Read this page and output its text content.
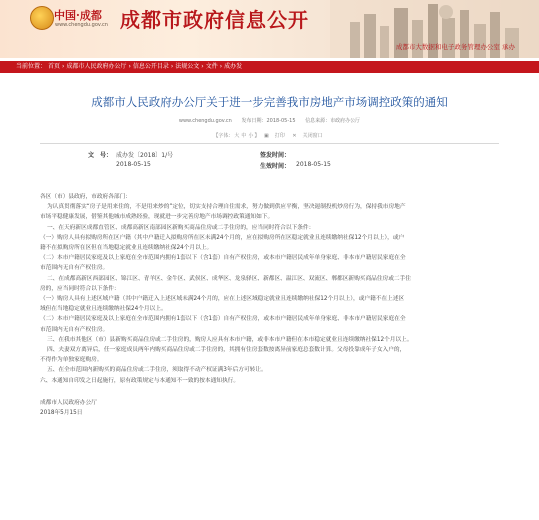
中国·成都
www.chengdu.gov.cn 成都市政府信息公开
成都市大数据和电子政务管理办公室 承办
当前位置： 首页 › 成都市人民政府办公厅 › 信息公开目录 › 法规公文 › 文件 › 成办发
成都市人民政府办公厅关于进一步完善我市房地产市场调控政策的通知
www.chengdu.gov.cn 发布日期：2018-05-15 信息来源：市政府办公厅
【字体：大 中 小】 ▣ 打印 ✕ 关闭窗口
文　号： 成办发〔2018〕1/号	签发时间：
2018-05-15	生效时间： 2018-05-15

各区（市）县政府，市政府各部门：

为认真贯彻落实“房子是用来住的，不是用来炒的”定位，切实支持合理自住需求，努力做到供应平衡，坚决遏制投机炒房行为，保持我市房地产

市场平稳健康发展，借鉴其他城市成熟经验，现就进一步完善房地产市场调控政策通知如下。

一、在天府新区成都直管区、成都高新区南部园区新购买商品住房或二手住房的，应当同时符合以下条件：

（一）购房人具有拟购房所在区户籍（其中户籍迁入拟购房所在区未满24个月的，应在拟购房所在区稳定就业且连续缴纳社保12个月以上），或户

籍不在拟购房所在区但在当地稳定就业且连续缴纳社保24个月以上。

（二）本市户籍居民家庭及以上家庭在全市范围内拥有1套以下（含1套）自有产权住房，或本市户籍居民成年单身家庭、非本市户籍居民家庭在全

市范围内无自有产权住房。

二、在成都高新区西部园区、锦江区、青羊区、金牛区、武侯区、成华区、龙泉驿区、新都区、温江区、双流区、郫都区新购买商品住房或二手住

房的，应当同时符合以下条件：

（一）购房人具有上述区域户籍（其中户籍迁入上述区域未满24个月的，应在上述区域稳定就业且连续缴纳社保12个月以上），或户籍不在上述区

域但在当地稳定就业且连续缴纳社保24个月以上。

（二）本市户籍居民家庭及以上家庭在全市范围内拥有1套以下（含1套）自有产权住房，或本市户籍居民成年单身家庭、非本市户籍居民家庭在全

市范围内无自有产权住房。

三、在我市其他区（市）县新购买商品住房或二手住房的，购房人应具有本市户籍，或非本市户籍但在本市稳定就业且连续缴纳社保12个月以上。

四、夫妻双方离异后，任一家庭成员两年内购买商品住房或二手住房的，其拥有住房套数按离异前家庭总套数计算。父母投靠成年子女入户的，

不得作为单独家庭购房。

五、在全市范围内新购买的商品住房或二手住房，须取得不动产权证满3年后方可转让。

六、本通知自印发之日起施行，原有政策规定与本通知不一致的按本通知执行。

成都市人民政府办公厅

2018年5月15日
